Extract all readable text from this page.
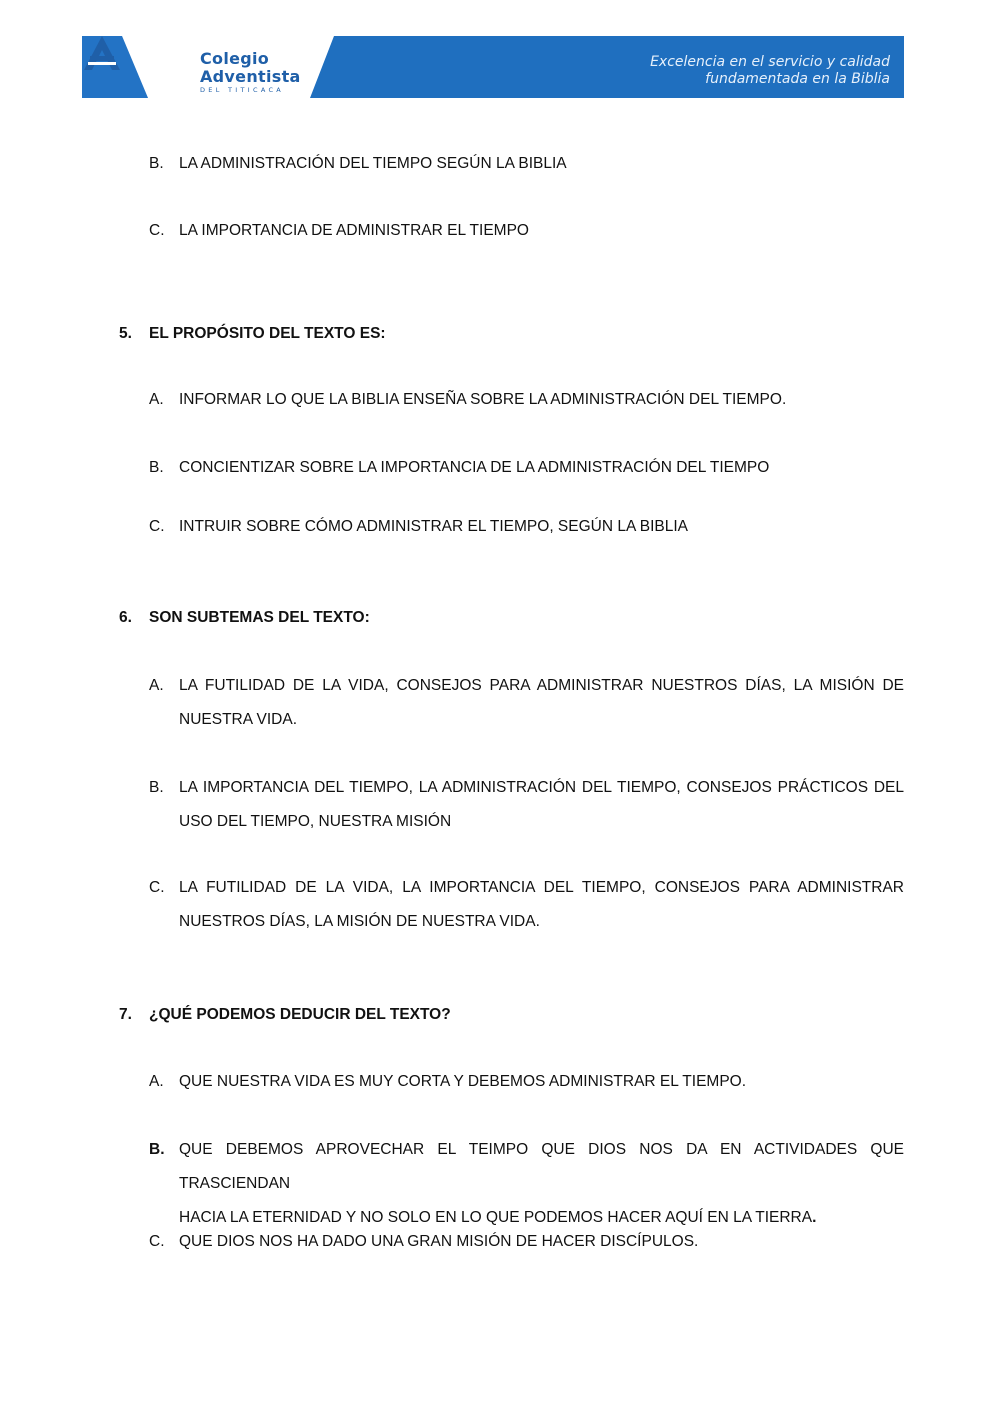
Colegio
Adventista
DEL TITICACA
Excelencia en el servicio y calidad
fundamentada en la Biblia
B. LA ADMINISTRACIÓN DEL TIEMPO SEGÚN LA BIBLIA
C. LA IMPORTANCIA DE ADMINISTRAR EL TIEMPO
5. EL PROPÓSITO DEL TEXTO ES:
A. INFORMAR LO QUE LA BIBLIA ENSEÑA SOBRE LA ADMINISTRACIÓN DEL TIEMPO.
B. CONCIENTIZAR SOBRE LA IMPORTANCIA DE LA ADMINISTRACIÓN DEL TIEMPO
C. INTRUIR SOBRE CÓMO ADMINISTRAR EL TIEMPO, SEGÚN LA BIBLIA
6. SON SUBTEMAS DEL TEXTO:
A. LA FUTILIDAD DE LA VIDA, CONSEJOS PARA ADMINISTRAR NUESTROS DÍAS, LA MISIÓN DE
NUESTRA VIDA.
B. LA IMPORTANCIA DEL TIEMPO, LA ADMINISTRACIÓN DEL TIEMPO, CONSEJOS PRÁCTICOS DEL
USO DEL TIEMPO, NUESTRA MISIÓN
C. LA FUTILIDAD DE LA VIDA, LA IMPORTANCIA DEL TIEMPO, CONSEJOS PARA ADMINISTRAR
NUESTROS DÍAS, LA MISIÓN DE NUESTRA VIDA.
7. ¿QUÉ PODEMOS DEDUCIR DEL TEXTO?
A. QUE NUESTRA VIDA ES MUY CORTA Y DEBEMOS ADMINISTRAR EL TIEMPO.
B. QUE DEBEMOS APROVECHAR EL TEIMPO QUE DIOS NOS DA EN ACTIVIDADES QUE TRASCIENDAN
HACIA LA ETERNIDAD Y NO SOLO EN LO QUE PODEMOS HACER AQUÍ EN LA TIERRA.
C. QUE DIOS NOS HA DADO UNA GRAN MISIÓN DE HACER DISCÍPULOS.
